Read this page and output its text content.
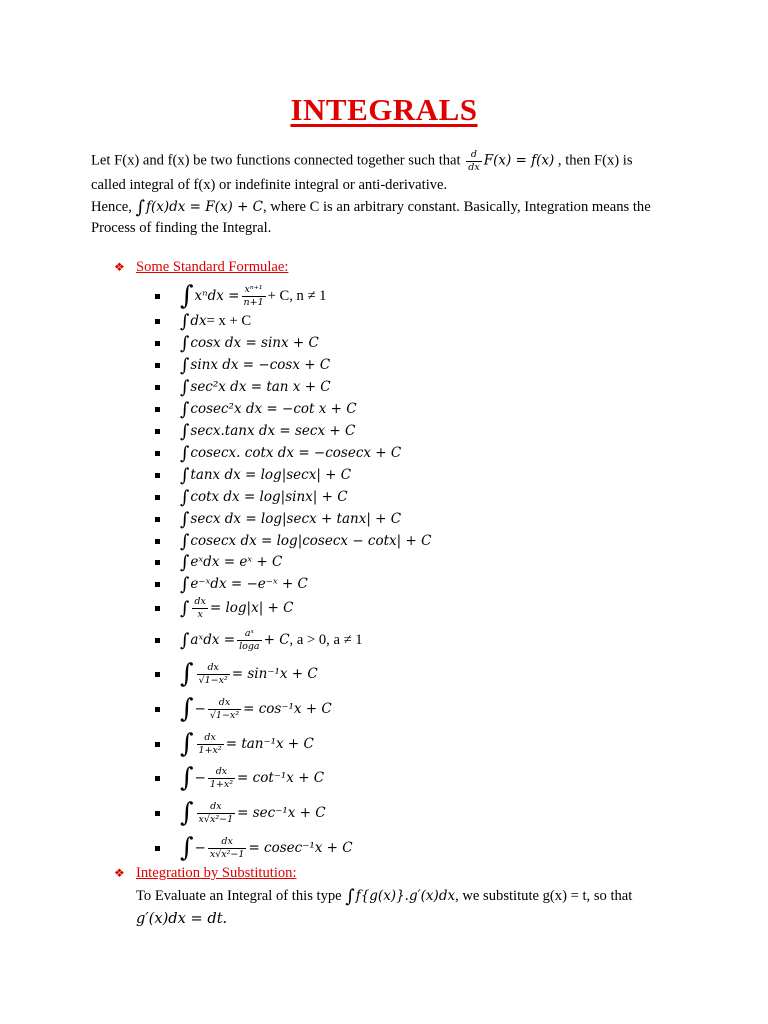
INTEGRALS
Let F(x) and f(x) be two functions connected together such that $\frac{d}{dx} F(x) = f(x)$ , then F(x) is
called integral of f(x) or indefinite integral or anti-derivative.
Hence, ∫f(x)dx = F(x) + C, where C is an arbitrary constant. Basically, Integration means the
Process of finding the Integral.
❖ Some Standard Formulae:
∫ $x^ndx = \frac{\text{xⁿ⁺¹}}{n+1} + C$, n ≠ 1
∫ dx = x + C
∫ cosx dx = sinx + C
∫ sinx dx = −cosx + C
∫ sec²x dx = tan x + C
∫ cosec²x dx = −cot x + C
∫ secx.tanx dx = secx + C
∫ cosecx. cotx dx = −cosecx + C
∫ tanx dx = log|secx| + C
∫ cotx dx = log|sinx| + C
∫ secx dx = log|secx + tanx| + C
∫ cosecx dx = log|cosecx − cotx| + C
∫ eˣdx = eˣ + C
∫ e⁻ˣdx = −e⁻ˣ + C
∫ $\frac{dx}{x} = \log|x| + C$
∫ aˣdx = $\frac{\text{aˣ}}{\log a} + C$ , a > 0, a ≠ 1
∫ $\frac{dx}{\text{√1−x²}} = \sin^{-1}x + C$
∫ − $\frac{dx}{\text{√1−x²}} = \cos^{-1}x + C$
∫ $\frac{dx}{\text{1+x²}} = \tan^{-1}x + C$
∫ − $\frac{dx}{\text{1+x²}} = \cot^{-1}x + C$
∫ $\frac{dx}{\text{x√x²−1}} = \sec^{-1}x + C$
∫ − $\frac{dx}{\text{x√x²−1}} = cosec^{-1}x + C$
❖ Integration by Substitution:
To Evaluate an Integral of this type ∫f{g(x)}.g′(x)dx, we substitute g(x) = t, so that
g′(x)dx = dt.
